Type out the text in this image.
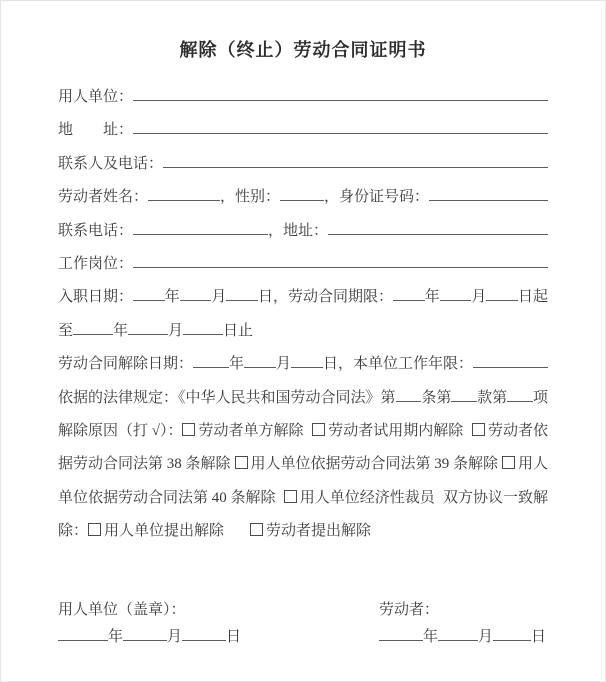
解除（终止）劳动合同证明书
用人单位：
地　　址：
联系人及电话：
劳动者姓名：	，性别：	，身份证号码：
联系电话：	，地址：
工作岗位：
入职日期： 年 月 日，劳动合同期限： 年 月 日起
至	年	月	日止
劳动合同解除日期： 年 月 日，本单位工作年限：
依据的法律规定：《中华人民共和国劳动合同法》第 条第 款第 项
解除原因（打 √）： 劳动者单方解除 劳动者试用期内解除 劳动者依
据劳动合同法第 38 条解除 用人单位依据劳动合同法第 39 条解除 用人
单位依据劳动合同法第 40 条解除 用人单位经济性裁员 双方协议一致解
除： 用人单位提出解除	劳动者提出解除
用人单位（盖章）：
年	月	日
劳动者：
年	月	日
